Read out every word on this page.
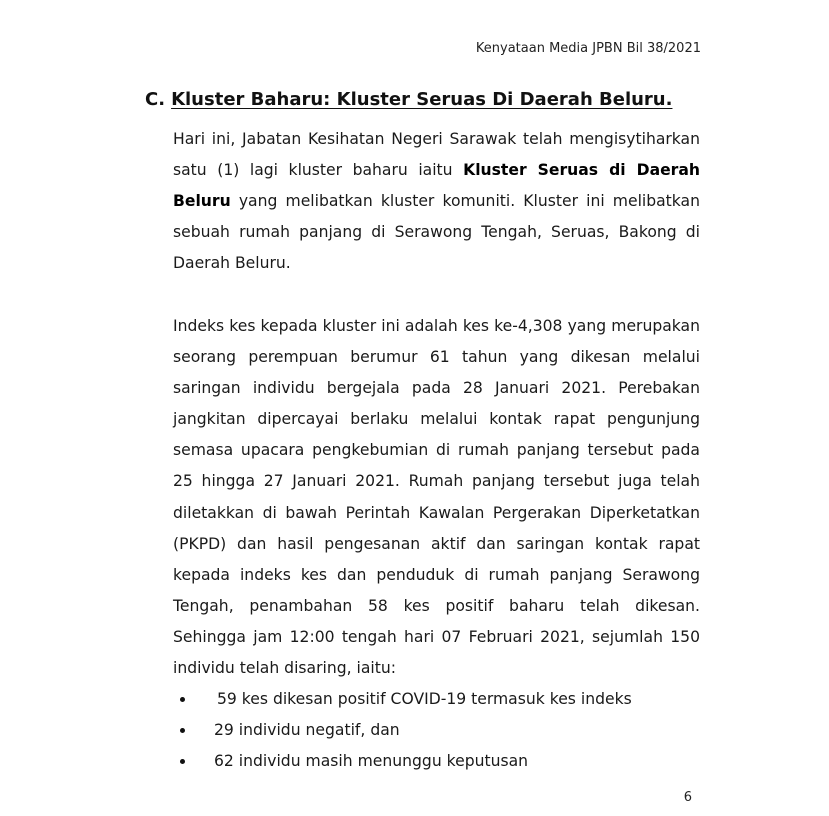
Kenyataan Media JPBN Bil 38/2021
C. Kluster Baharu: Kluster Seruas Di Daerah Beluru.

Hari ini, Jabatan Kesihatan Negeri Sarawak telah mengisytiharkan satu (1) lagi kluster baharu iaitu Kluster Seruas di Daerah Beluru yang melibatkan kluster komuniti. Kluster ini melibatkan sebuah rumah panjang di Serawong Tengah, Seruas, Bakong di Daerah Beluru.

Indeks kes kepada kluster ini adalah kes ke-4,308 yang merupakan seorang perempuan berumur 61 tahun yang dikesan melalui saringan individu bergejala pada 28 Januari 2021. Perebakan jangkitan dipercayai berlaku melalui kontak rapat pengunjung semasa upacara pengkebumian di rumah panjang tersebut pada 25 hingga 27 Januari 2021. Rumah panjang tersebut juga telah diletakkan di bawah Perintah Kawalan Pergerakan Diperketatkan (PKPD) dan hasil pengesanan aktif dan saringan kontak rapat kepada indeks kes dan penduduk di rumah panjang Serawong Tengah, penambahan 58 kes positif baharu telah dikesan. Sehingga jam 12:00 tengah hari 07 Februari 2021, sejumlah 150 individu telah disaring, iaitu:

59 kes dikesan positif COVID-19 termasuk kes indeks
29 individu negatif, dan
62 individu masih menunggu keputusan
6
